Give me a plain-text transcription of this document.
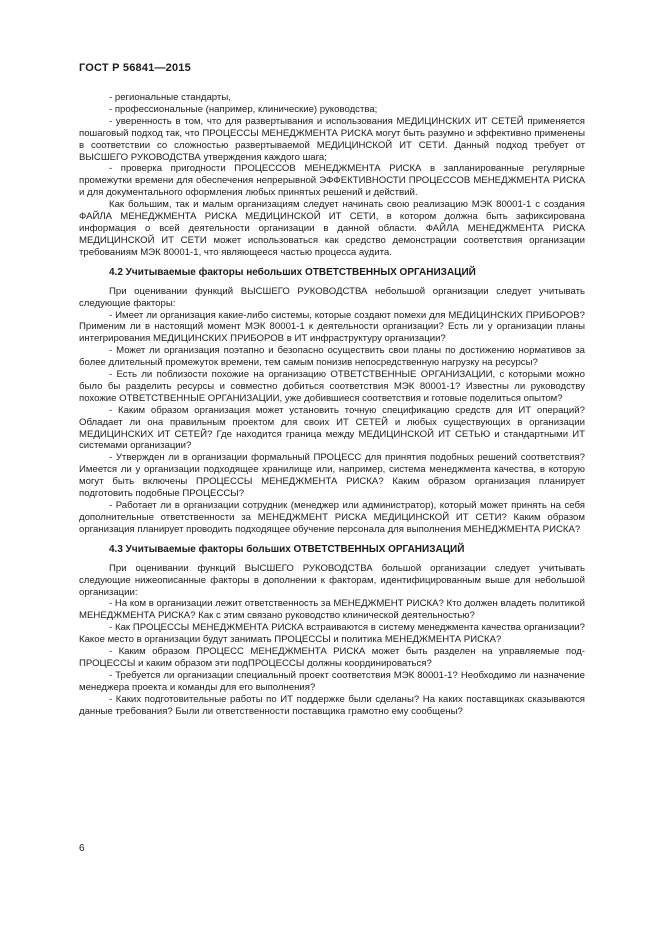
ГОСТ Р 56841—2015

- региональные стандарты,

- профессиональные (например, клинические) руководства;

- уверенность в том, что для развертывания и использования МЕДИЦИНСКИХ ИТ СЕТЕЙ применяется пошаговый подход так, что ПРОЦЕССЫ МЕНЕДЖМЕНТА РИСКА могут быть разумно и эффективно применены в соответствии со сложностью развертываемой МЕДИЦИНСКОЙ ИТ СЕТИ. Данный подход требует от ВЫСШЕГО РУКОВОДСТВА утверждения каждого шага;

- проверка пригодности ПРОЦЕССОВ МЕНЕДЖМЕНТА РИСКА в запланированные регулярные промежутки времени для обеспечения непрерывной ЭФФЕКТИВНОСТИ ПРОЦЕССОВ МЕНЕДЖМЕНТА РИСКА и для документального оформления любых принятых решений и действий.

Как большим, так и малым организациям следует начинать свою реализацию МЭК 80001-1 с создания ФАЙЛА МЕНЕДЖМЕНТА РИСКА МЕДИЦИНСКОЙ ИТ СЕТИ, в котором должна быть зафиксирована информация о всей деятельности организации в данной области. ФАЙЛА МЕНЕДЖМЕНТА РИСКА МЕДИЦИНСКОЙ ИТ СЕТИ может использоваться как средство демонстрации соответствия организации требованиям МЭК 80001-1, что являющееся частью процесса аудита.

4.2 Учитываемые факторы небольших ОТВЕТСТВЕННЫХ ОРГАНИЗАЦИЙ

При оценивании функций ВЫСШЕГО РУКОВОДСТВА небольшой организации следует учитывать следующие факторы:

- Имеет ли организация какие-либо системы, которые создают помехи для МЕДИЦИНСКИХ ПРИБОРОВ? Применим ли в настоящий момент МЭК 80001-1 к деятельности организации? Есть ли у организации планы интегрирования МЕДИЦИНСКИХ ПРИБОРОВ в ИТ инфраструктуру организации?

- Может ли организация поэтапно и безопасно осуществить свои планы по достижению нормативов за более длительный промежуток времени, тем самым понизив непосредственную нагрузку на ресурсы?

- Есть ли поблизости похожие на организацию ОТВЕТСТВЕННЫЕ ОРГАНИЗАЦИИ, с которыми можно было бы разделить ресурсы и совместно добиться соответствия МЭК 80001-1? Известны ли руководству похожие ОТВЕТСТВЕННЫЕ ОРГАНИЗАЦИИ, уже добившиеся соответствия и готовые поделиться опытом?

- Каким образом организация может установить точную спецификацию средств для ИТ операций? Обладает ли она правильным проектом для своих ИТ СЕТЕЙ и любых существующих в организации МЕДИЦИНСКИХ ИТ СЕТЕЙ? Где находится граница между МЕДИЦИНСКОЙ ИТ СЕТЬЮ и стандартными ИТ системами организации?

- Утвержден ли в организации формальный ПРОЦЕСС для принятия подобных решений соответствия? Имеется ли у организации подходящее хранилище или, например, система менеджмента качества, в которую могут быть включены ПРОЦЕССЫ МЕНЕДЖМЕНТА РИСКА? Каким образом организация планирует подготовить подобные ПРОЦЕССЫ?

- Работает ли в организации сотрудник (менеджер или администратор), который может принять на себя дополнительные ответственности за МЕНЕДЖМЕНТ РИСКА МЕДИЦИНСКОЙ ИТ СЕТИ? Каким образом организация планирует проводить подходящее обучение персонала для выполнения МЕНЕДЖМЕНТА РИСКА?

4.3 Учитываемые факторы больших ОТВЕТСТВЕННЫХ ОРГАНИЗАЦИЙ

При оценивании функций ВЫСШЕГО РУКОВОДСТВА большой организации следует учитывать следующие нижеописанные факторы в дополнении к факторам, идентифицированным выше для небольшой организации:

- На ком в организации лежит ответственность за МЕНЕДЖМЕНТ РИСКА? Кто должен владеть политикой МЕНЕДЖМЕНТА РИСКА? Как с этим связано руководство клинической деятельностью?

- Как ПРОЦЕССЫ МЕНЕДЖМЕНТА РИСКА встраиваются в систему менеджмента качества организации? Какое место в организации будут занимать ПРОЦЕССЫ и политика МЕНЕДЖМЕНТА РИСКА?

- Каким образом ПРОЦЕСС МЕНЕДЖМЕНТА РИСКА может быть разделен на управляемые подПРОЦЕССЫ и каким образом эти подПРОЦЕССЫ должны координироваться?

- Требуется ли организации специальный проект соответствия МЭК 80001-1? Необходимо ли назначение менеджера проекта и команды для его выполнения?

- Каких подготовительные работы по ИТ поддержке были сделаны? На каких поставщиках сказываются данные требования? Были ли ответственности поставщика грамотно ему сообщены?

6
